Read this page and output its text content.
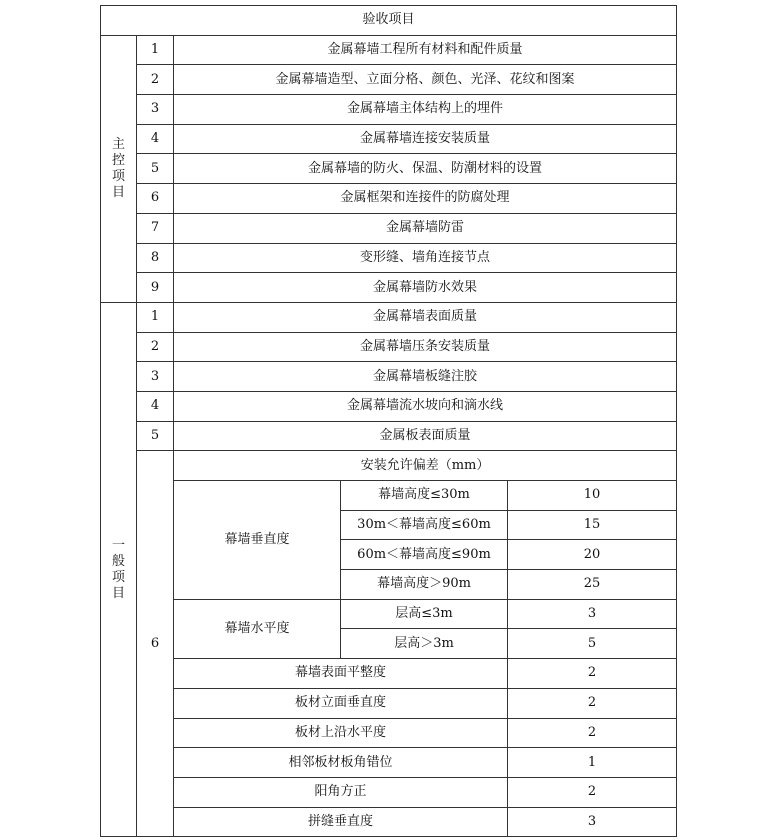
验收项目				
主控项目	1	金属幕墙工程所有材料和配件质量		
	2	金属幕墙造型、立面分格、颜色、光泽、花纹和图案		
	3	金属幕墙主体结构上的埋件		
	4	金属幕墙连接安装质量		
	5	金属幕墙的防火、保温、防潮材料的设置		
	6	金属框架和连接件的防腐处理		
	7	金属幕墙防雷		
	8	变形缝、墙角连接节点		
	9	金属幕墙防水效果		
一般项目	1	金属幕墙表面质量		
	2	金属幕墙压条安装质量		
	3	金属幕墙板缝注胶		
	4	金属幕墙流水坡向和滴水线		
	5	金属板表面质量		
	6	安装允许偏差（mm）		
		幕墙垂直度	幕墙高度≤30m	10
			30m＜幕墙高度≤60m	15
			60m＜幕墙高度≤90m	20
			幕墙高度＞90m	25
		幕墙水平度	层高≤3m	3
			层高＞3m	5
		幕墙表面平整度		2
		板材立面垂直度		2
		板材上沿水平度		2
		相邻板材板角错位		1
		阳角方正		2
		拼缝垂直度		3
